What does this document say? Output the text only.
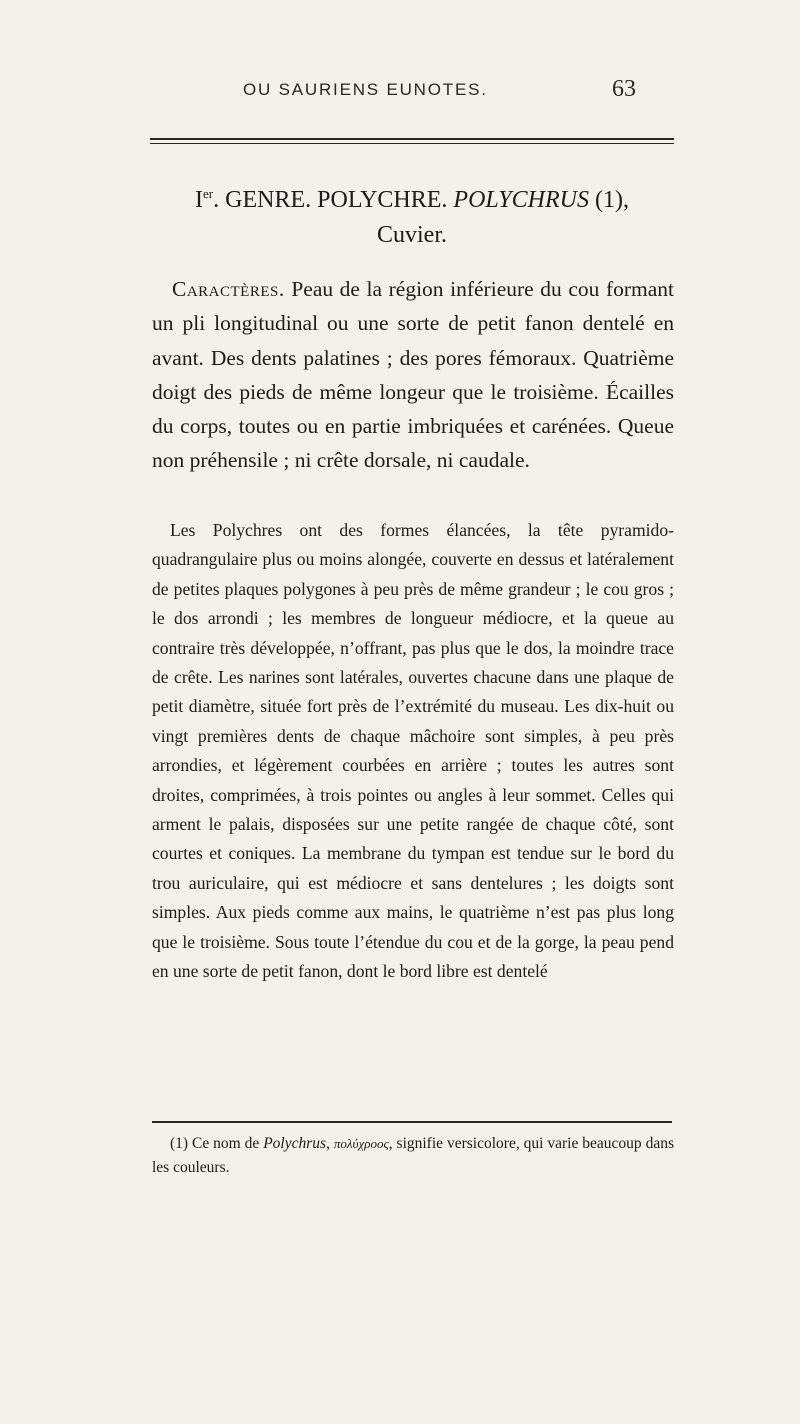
OU SAURIENS EUNOTES.	63
Ier. GENRE. POLYCHRE. POLYCHRUS (1),
Cuvier.

Caractères. Peau de la région inférieure du cou formant un pli longitudinal ou une sorte de petit fanon dentelé en avant. Des dents palatines ; des pores fémoraux. Quatrième doigt des pieds de même longeur que le troisième. Écailles du corps, toutes ou en partie imbriquées et carénées. Queue non préhensile ; ni crête dorsale, ni caudale.

Les Polychres ont des formes élancées, la tête pyramido-quadrangulaire plus ou moins alongée, couverte en dessus et latéralement de petites plaques polygones à peu près de même grandeur ; le cou gros ; le dos arrondi ; les membres de longueur médiocre, et la queue au contraire très développée, n’offrant, pas plus que le dos, la moindre trace de crête. Les narines sont latérales, ouvertes chacune dans une plaque de petit diamètre, située fort près de l’extrémité du museau. Les dix-huit ou vingt premières dents de chaque mâchoire sont simples, à peu près arrondies, et légèrement courbées en arrière ; toutes les autres sont droites, comprimées, à trois pointes ou angles à leur sommet. Celles qui arment le palais, disposées sur une petite rangée de chaque côté, sont courtes et coniques. La membrane du tympan est tendue sur le bord du trou auriculaire, qui est médiocre et sans dentelures ; les doigts sont simples. Aux pieds comme aux mains, le quatrième n’est pas plus long que le troisième. Sous toute l’étendue du cou et de la gorge, la peau pend en une sorte de petit fanon, dont le bord libre est dentelé

(1) Ce nom de Polychrus, πολύχροος, signifie versicolore, qui varie beaucoup dans les couleurs.
